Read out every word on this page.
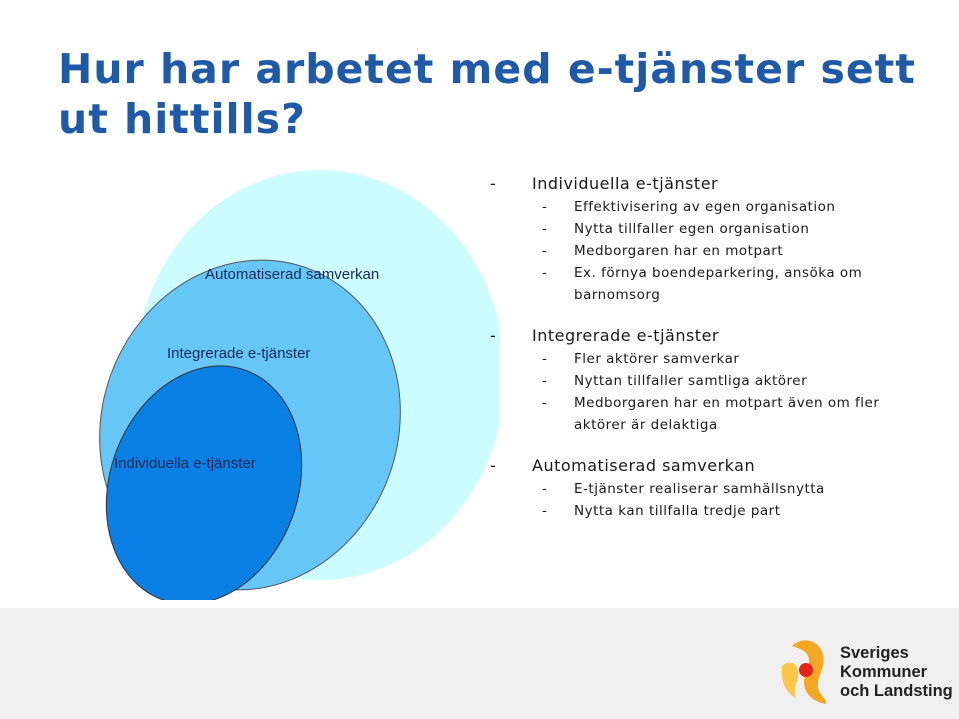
Hur har arbetet med e-tjänster sett ut hittills?
Automatiserad samverkan
Integrerade e-tjänster
Individuella e-tjänster
-	Individuella e-tjänster
-	Effektivisering av egen organisation
-	Nytta tillfaller egen organisation
-	Medborgaren har en motpart
-	Ex. förnya boendeparkering, ansöka om barnomsorg
-	Integrerade e-tjänster
-	Fler aktörer samverkar
-	Nyttan tillfaller samtliga aktörer
-	Medborgaren har en motpart även om fler aktörer är delaktiga
-	Automatiserad samverkan
-	E-tjänster realiserar samhällsnytta
-	Nytta kan tillfalla tredje part
Sveriges
Kommuner
och Landsting
